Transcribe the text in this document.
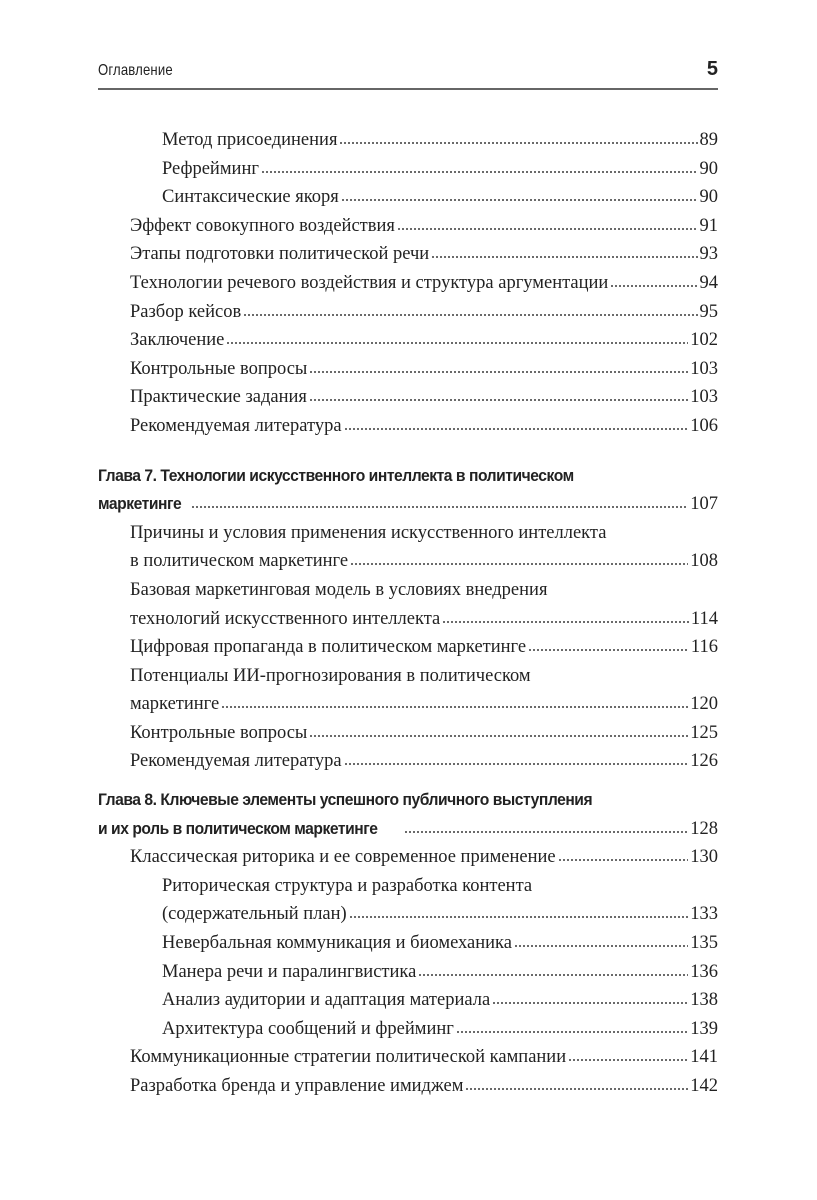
Оглавление	5
Метод присоединения	89
Рефрейминг	90
Синтаксические якоря	90
Эффект совокупного воздействия	91
Этапы подготовки политической речи	93
Технологии речевого воздействия и структура аргументации	94
Разбор кейсов	95
Заключение	102
Контрольные вопросы	103
Практические задания	103
Рекомендуемая литература	106
Глава 7. Технологии искусственного интеллекта в политическом
маркетинге	107
Причины и условия применения искусственного интеллекта
в политическом маркетинге	108
Базовая маркетинговая модель в условиях внедрения
технологий искусственного интеллекта	114
Цифровая пропаганда в политическом маркетинге	116
Потенциалы ИИ-прогнозирования в политическом
маркетинге	120
Контрольные вопросы	125
Рекомендуемая литература	126
Глава 8. Ключевые элементы успешного публичного выступления
и их роль в политическом маркетинге	128
Классическая риторика и ее современное применение	130
Риторическая структура и разработка контента
(содержательный план)	133
Невербальная коммуникация и биомеханика	135
Манера речи и паралингвистика	136
Анализ аудитории и адаптация материала	138
Архитектура сообщений и фрейминг	139
Коммуникационные стратегии политической кампании	141
Разработка бренда и управление имиджем	142
